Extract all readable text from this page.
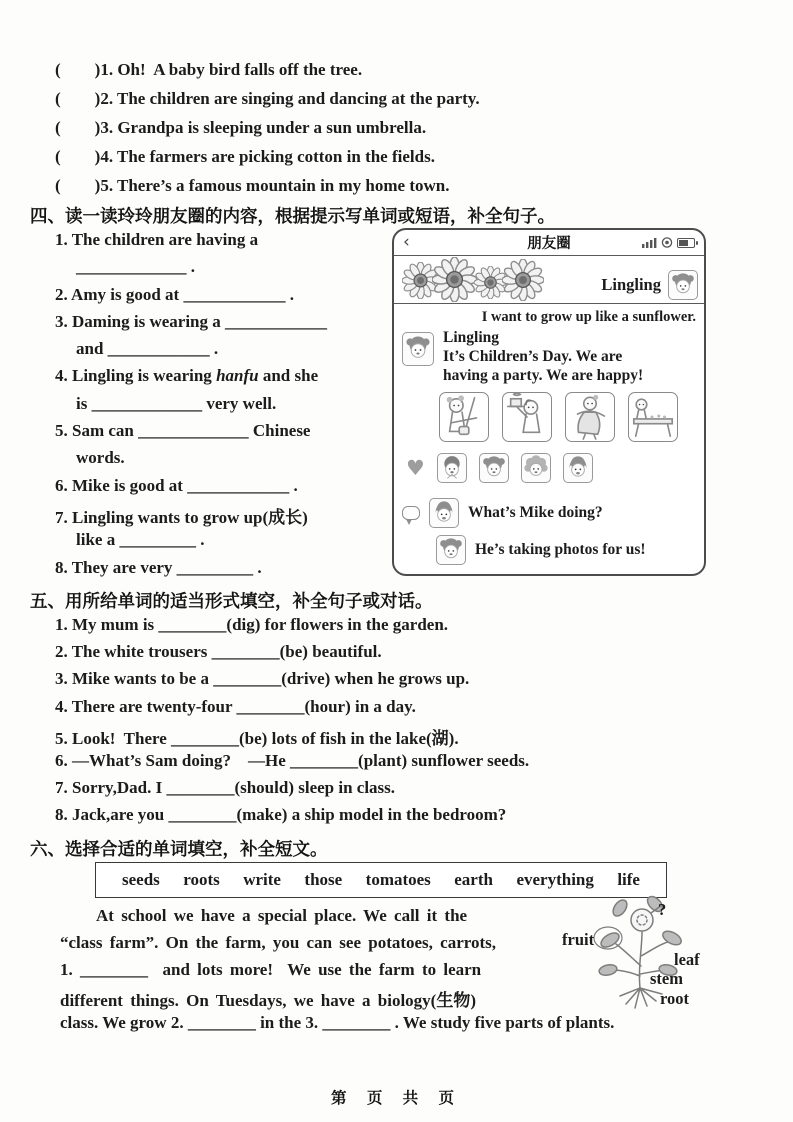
(        )1. Oh!  A baby bird falls off the tree.
(        )2. The children are singing and dancing at the party.
(        )3. Grandpa is sleeping under a sun umbrella.
(        )4. The farmers are picking cotton in the fields.
(        )5. There’s a famous mountain in my home town.
四、读一读玲玲朋友圈的内容，根据提示写单词或短语，补全句子。
1. The children are having a
_____________ .
2. Amy is good at ____________ .
3. Daming is wearing a ____________
and ____________ .
4. Lingling is wearing hanfu and she
is _____________ very well.
5. Sam can _____________ Chinese
words.
6. Mike is good at ____________ .
7. Lingling wants to grow up(成长)
like a _________ .
8. They are very _________ .
‹	朋友圈
Lingling
I want to grow up like a sunflower.
Lingling
It’s Children’s Day. We are
having a party. We are happy!
♥
What’s Mike doing?
He’s taking photos for us!
五、用所给单词的适当形式填空，补全句子或对话。
1. My mum is ________(dig) for flowers in the garden.
2. The white trousers ________(be) beautiful.
3. Mike wants to be a ________(drive) when he grows up.
4. There are twenty-four ________(hour) in a day.
5. Look!  There ________(be) lots of fish in the lake(湖).
6. —What’s Sam doing?    —He ________(plant) sunflower seeds.
7. Sorry,Dad. I ________(should) sleep in class.
8. Jack,are you ________(make) a ship model in the bedroom?
六、选择合适的单词填空，补全短文。
seeds roots write those tomatoes earth everything life
At school we have a special place. We call it the
“class farm”. On the farm, you can see potatoes, carrots,
1. ________  and lots more!  We use the farm to learn
different things. On Tuesdays, we have a biology(生物)
class. We grow 2. ________ in the 3. ________ . We study five parts of plants.
?
fruit
leaf
stem
root
第 页 共 页
